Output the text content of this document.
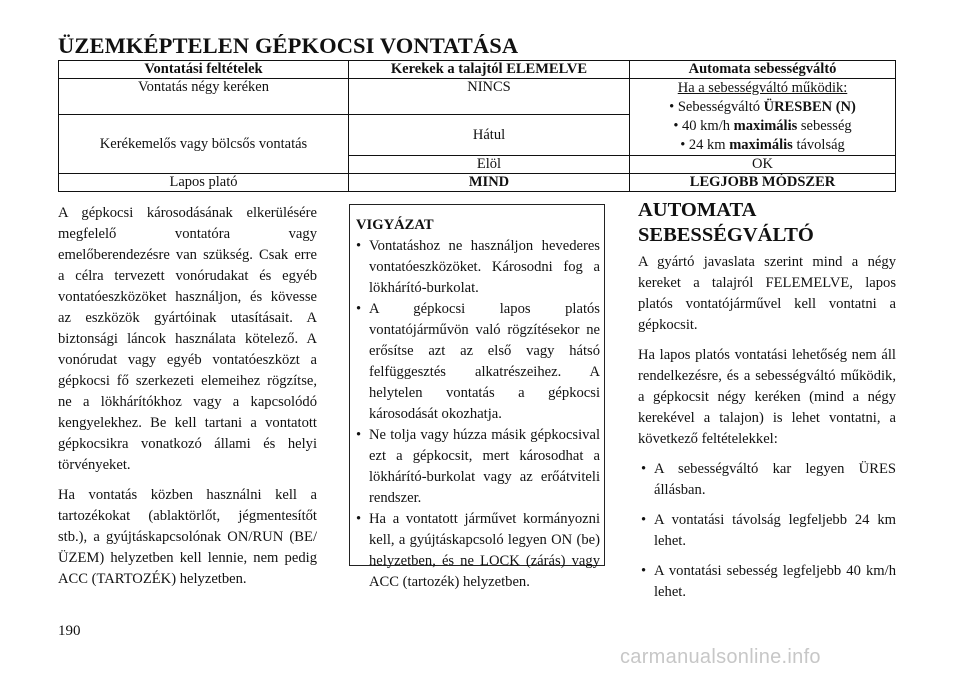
ÜZEMKÉPTELEN GÉPKOCSI VONTATÁSA
Vontatási feltételek	Kerekek a talajtól ELEMELVE	Automata sebességváltó
Vontatás négy keréken	NINCS	Ha a sebességváltó működik:
• Sebességváltó ÜRESBEN (N)
• 40 km/h maximális sebesség
• 24 km maximális távolság

Kerékemelős vagy bölcsős vontatás	Hátul	
	Elöl	OK
Lapos plató	MIND	LEGJOBB MÓDSZER

A gépkocsi károsodásának elkerülésére megfelelő vontatóra vagy emelőberendezésre van szükség. Csak erre a célra tervezett vonórudakat és egyéb vontatóeszközöket használjon, és kövesse az eszközök gyártóinak utasításait. A biztonsági láncok használata kötelező. A vonórudat vagy egyéb vontatóeszközt a gépkocsi fő szerkezeti elemeihez rögzítse, ne a lökhárítókhoz vagy a kapcsolódó kengyelekhez. Be kell tartani a vontatott gépkocsikra vonatkozó állami és helyi törvényeket.

Ha vontatás közben használni kell a tartozékokat (ablaktörlőt, jégmentesítőt stb.), a gyújtáskapcsolónak ON/RUN (BE/ÜZEM) helyzetben kell lennie, nem pedig ACC (TARTOZÉK) helyzetben.

VIGYÁZAT
• Vontatáshoz ne használjon hevederes vontatóeszközöket. Károsodni fog a lökhárító-burkolat.
• A gépkocsi lapos platós vontatójárművön való rögzítésekor ne erősítse azt az első vagy hátsó felfüggesztés alkatrészeihez. A helytelen vontatás a gépkocsi károsodását okozhatja.
• Ne tolja vagy húzza másik gépkocsival ezt a gépkocsit, mert károsodhat a lökhárító-burkolat vagy az erőátviteli rendszer.
• Ha a vontatott járművet kormányozni kell, a gyújtáskapcsoló legyen ON (be) helyzetben, és ne LOCK (zárás) vagy ACC (tartozék) helyzetben.
AUTOMATA
SEBESSÉGVÁLTÓ

A gyártó javaslata szerint mind a négy kereket a talajról FELEMELVE, lapos platós vontatójárművel kell vontatni a gépkocsit.

Ha lapos platós vontatási lehetőség nem áll rendelkezésre, és a sebességváltó működik, a gépkocsit négy keréken (mind a négy kerekével a talajon) is lehet vontatni, a következő feltételekkel:

• A sebességváltó kar legyen ÜRES állásban.
• A vontatási távolság legfeljebb 24 km lehet.
• A vontatási sebesség legfeljebb 40 km/h lehet.
190
carmanualsonline.info
